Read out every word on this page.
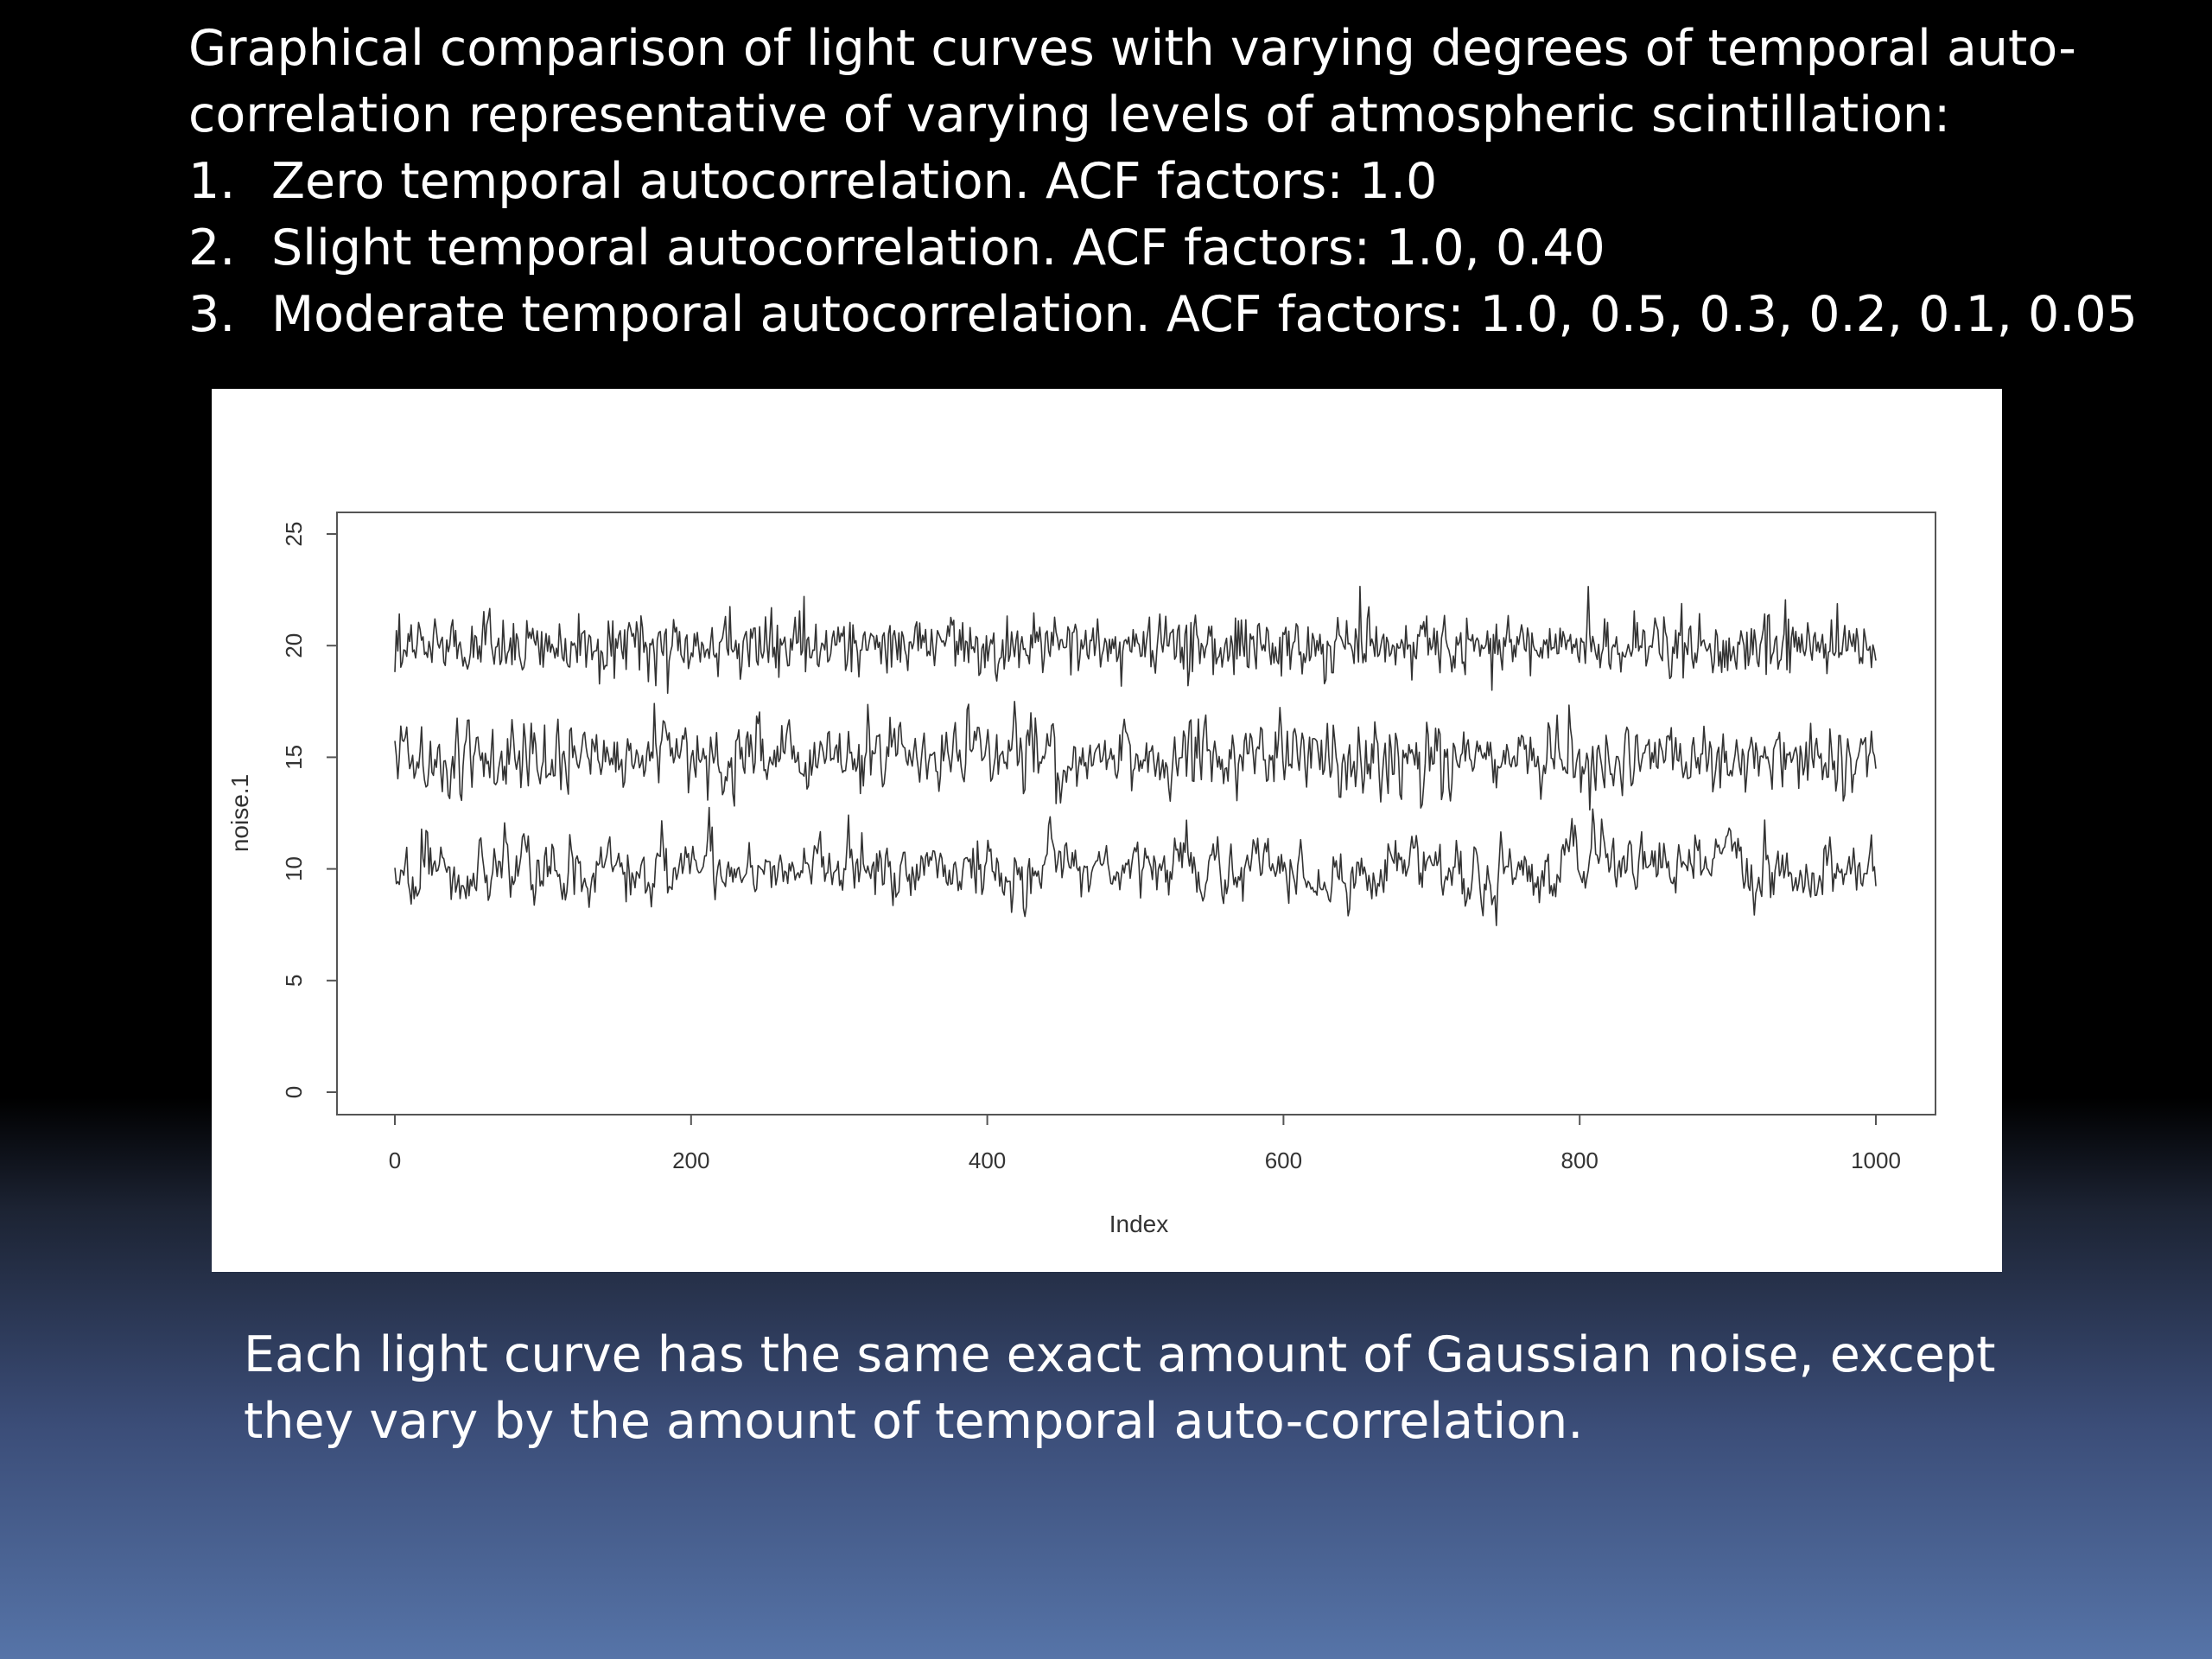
Graphical comparison of light curves with varying degrees of temporal auto-correlation representative of varying levels of atmospheric scintillation:

1. Zero temporal autocorrelation. ACF factors: 1.0
2. Slight temporal autocorrelation. ACF factors: 1.0, 0.40
3. Moderate temporal autocorrelation. ACF factors: 1.0, 0.5, 0.3, 0.2, 0.1, 0.05
0	200	400	600	800	1000
0
5
10
15
20
25
Index
noise.1

Each light curve has the same exact amount of Gaussian noise, except they vary by the amount of temporal auto-correlation.
